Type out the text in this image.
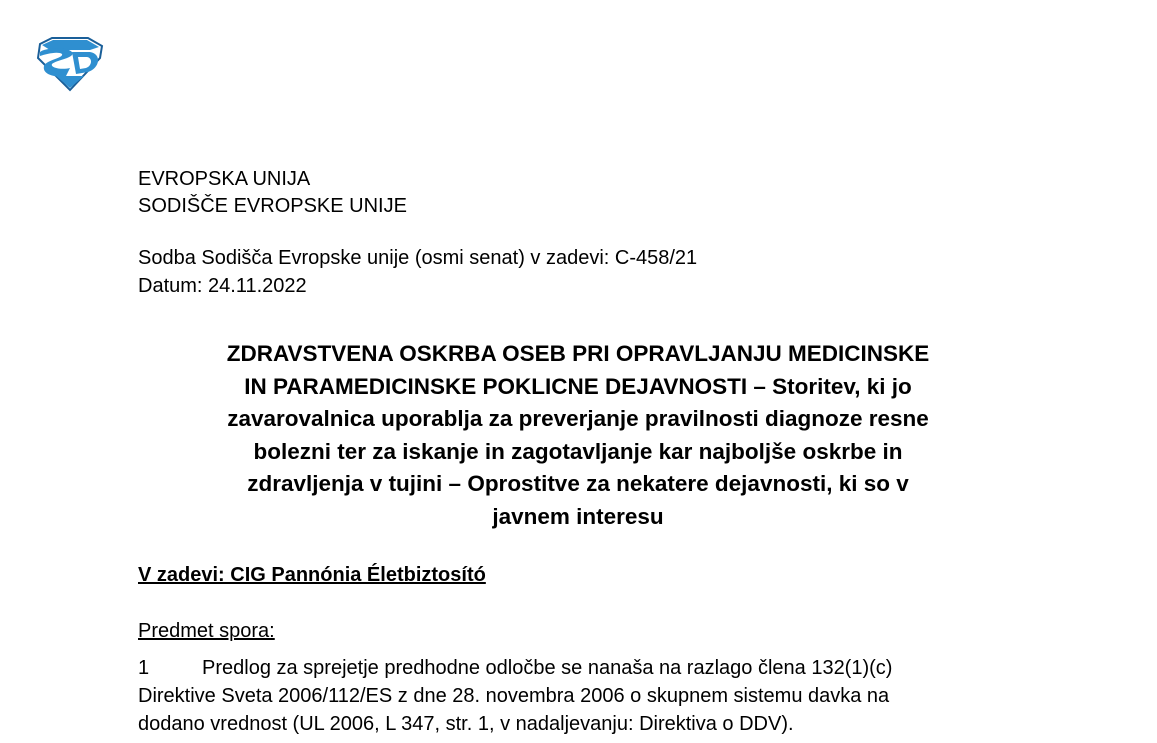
EVROPSKA UNIJA
SODIŠČE EVROPSKE UNIJE
Sodba Sodišča Evropske unije (osmi senat) v zadevi: C-458/21
Datum: 24.11.2022
ZDRAVSTVENA OSKRBA OSEB PRI OPRAVLJANJU MEDICINSKE
IN PARAMEDICINSKE POKLICNE DEJAVNOSTI – Storitev, ki jo
zavarovalnica uporablja za preverjanje pravilnosti diagnoze resne
bolezni ter za iskanje in zagotavljanje kar najboljše oskrbe in
zdravljenja v tujini – Oprostitve za nekatere dejavnosti, ki so v
javnem interesu
V zadevi: CIG Pannónia Életbiztosító
Predmet spora:
1	Predlog za sprejetje predhodne odločbe se nanaša na razlago člena 132(1)(c)
Direktive Sveta 2006/112/ES z dne 28. novembra 2006 o skupnem sistemu davka na
dodano vrednost (UL 2006, L 347, str. 1, v nadaljevanju: Direktiva o DDV).
